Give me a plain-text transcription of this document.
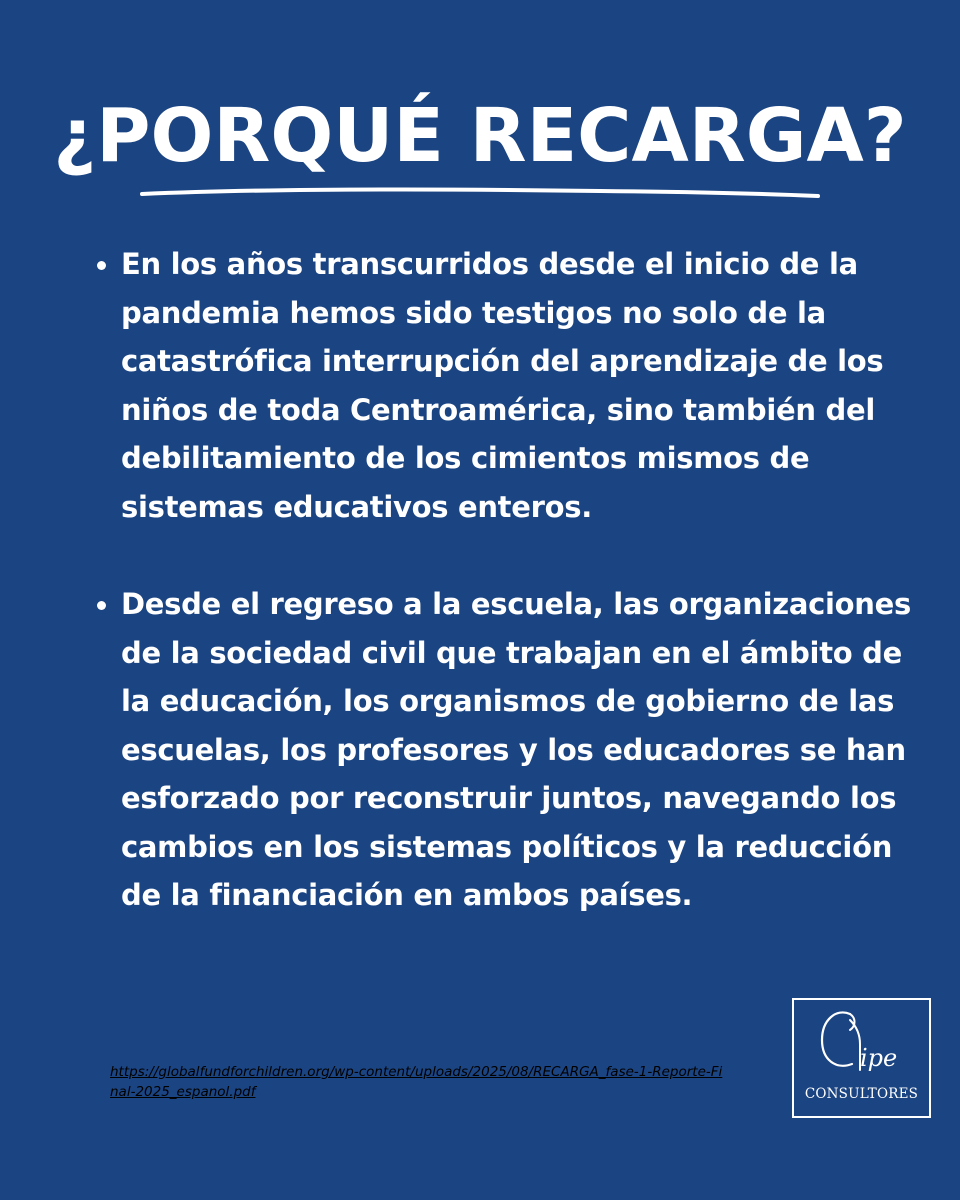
¿PORQUÉ RECARGA?
En los años transcurridos desde el inicio de la pandemia hemos sido testigos no solo de la catastrófica interrupción del aprendizaje de los niños de toda Centroamérica, sino también del debilitamiento de los cimientos mismos de sistemas educativos enteros.
Desde el regreso a la escuela, las organizaciones de la sociedad civil que trabajan en el ámbito de la educación, los organismos de gobierno de las escuelas, los profesores y los educadores se han esforzado por reconstruir juntos, navegando los cambios en los sistemas políticos y la reducción de la financiación en ambos países.
https://globalfundforchildren.org/wp-content/uploads/2025/08/RECARGA_fase-1-Reporte-Final-2025_espanol.pdf
ipe
CONSULTORES
